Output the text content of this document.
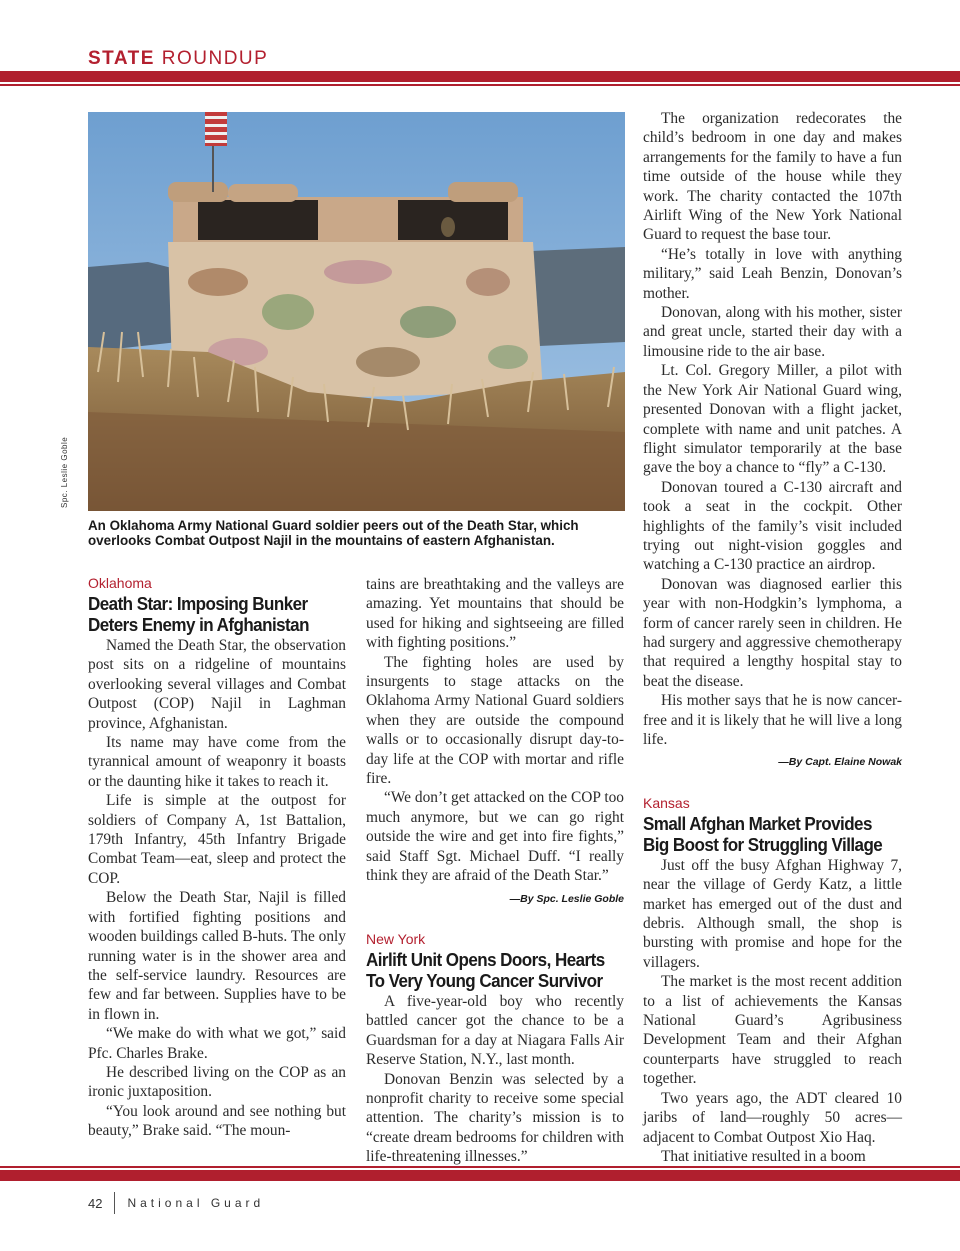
STATE ROUNDUP
Spc. Leslie Goble
An Oklahoma Army National Guard soldier peers out of the Death Star, which overlooks Combat Outpost Najil in the mountains of eastern Afghanistan.
Oklahoma
Death Star: Imposing Bunker
Deters Enemy in Afghanistan

Named the Death Star, the observation post sits on a ridgeline of mountains overlooking several villages and Combat Outpost (COP) Najil in Laghman province, Afghanistan.

Its name may have come from the tyrannical amount of weaponry it boasts or the daunting hike it takes to reach it.

Life is simple at the outpost for soldiers of Company A, 1st Battalion, 179th Infantry, 45th Infantry Brigade Combat Team—eat, sleep and protect the COP.

Below the Death Star, Najil is filled with fortified fighting positions and wooden buildings called B-huts. The only running water is in the shower area and the self-service laundry. Resources are few and far between. Supplies have to be in flown in.

“We make do with what we got,” said Pfc. Charles Brake.

He described living on the COP as an ironic juxtaposition.

“You look around and see nothing but beauty,” Brake said. “The moun-

tains are breathtaking and the valleys are amazing. Yet mountains that should be used for hiking and sightseeing are filled with fighting positions.”

The fighting holes are used by insurgents to stage attacks on the Oklahoma Army National Guard soldiers when they are outside the compound walls or to occasionally disrupt day-to-day life at the COP with mortar and rifle fire.

“We don’t get attacked on the COP too much anymore, but we can go right outside the wire and get into fire fights,” said Staff Sgt. Michael Duff. “I really think they are afraid of the Death Star.”

—By Spc. Leslie Goble
New York
Airlift Unit Opens Doors, Hearts
To Very Young Cancer Survivor

A five-year-old boy who recently battled cancer got the chance to be a Guardsman for a day at Niagara Falls Air Reserve Station, N.Y., last month.

Donovan Benzin was selected by a nonprofit charity to receive some special attention. The charity’s mission is to “create dream bedrooms for children with life-threatening illnesses.”

The organization redecorates the child’s bedroom in one day and makes arrangements for the family to have a fun time outside of the house while they work. The charity contacted the 107th Airlift Wing of the New York National Guard to request the base tour.

“He’s totally in love with anything military,” said Leah Benzin, Donovan’s mother.

Donovan, along with his mother, sister and great uncle, started their day with a limousine ride to the air base.

Lt. Col. Gregory Miller, a pilot with the New York Air National Guard wing, presented Donovan with a flight jacket, complete with name and unit patches. A flight simulator temporarily at the base gave the boy a chance to “fly” a C-130.

Donovan toured a C-130 aircraft and took a seat in the cockpit. Other highlights of the family’s visit included trying out night-vision goggles and watching a C-130 practice an airdrop.

Donovan was diagnosed earlier this year with non-Hodgkin’s lymphoma, a form of cancer rarely seen in children. He had surgery and aggressive chemotherapy that required a lengthy hospital stay to beat the disease.

His mother says that he is now cancer-free and it is likely that he will live a long life.

—By Capt. Elaine Nowak
Kansas
Small Afghan Market Provides
Big Boost for Struggling Village

Just off the busy Afghan Highway 7, near the village of Gerdy Katz, a little market has emerged out of the dust and debris. Although small, the shop is bursting with promise and hope for the villagers.

The market is the most recent addition to a list of achievements the Kansas National Guard’s Agribusiness Development Team and their Afghan counterparts have struggled to reach together.

Two years ago, the ADT cleared 10 jaribs of land—roughly 50 acres—adjacent to Combat Outpost Xio Haq.

That initiative resulted in a boom

42 National Guard
